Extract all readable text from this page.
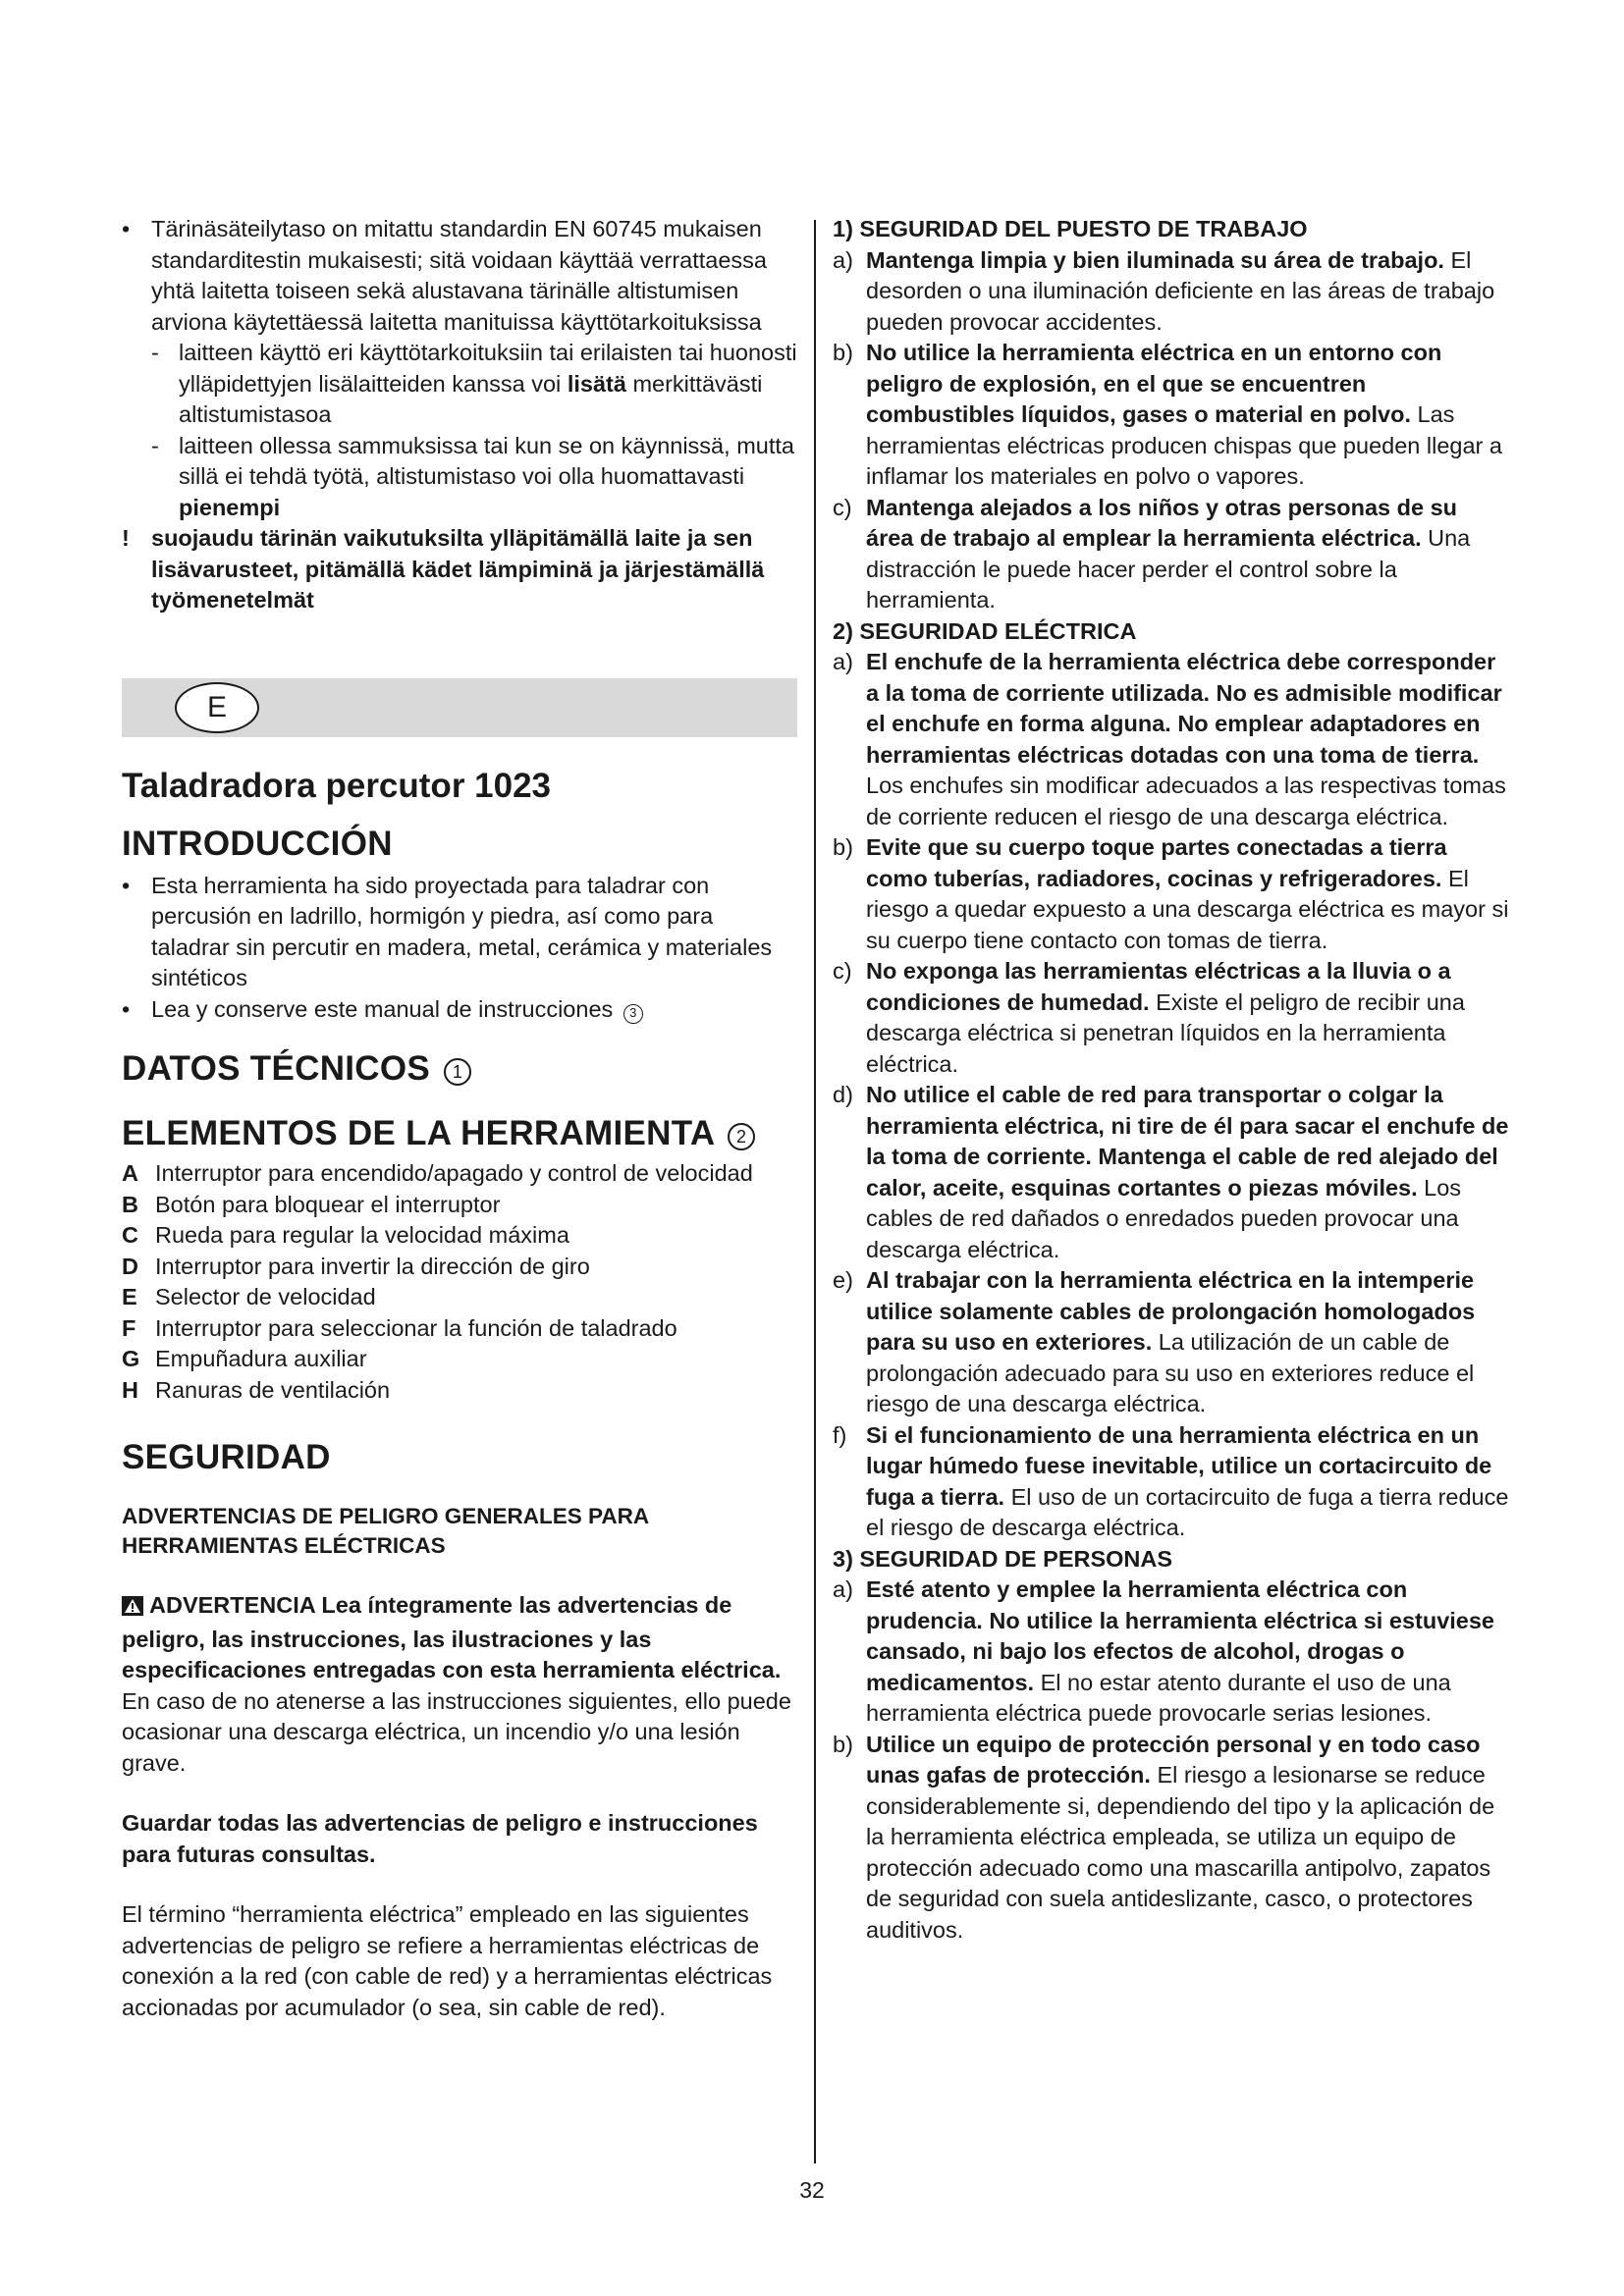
• Tärinäsäteilytaso on mitattu standardin EN 60745 mukaisen standarditestin mukaisesti; sitä voidaan käyttää verrattaessa yhtä laitetta toiseen sekä alustavana tärinälle altistumisen arviona käytettäessä laitetta manituissa käyttötarkoituksissa
- laitteen käyttö eri käyttötarkoituksiin tai erilaisten tai huonosti ylläpidettyjen lisälaitteiden kanssa voi lisätä merkittävästi altistumistasoa
- laitteen ollessa sammuksissa tai kun se on käynnissä, mutta sillä ei tehdä työtä, altistumistaso voi olla huomattavasti pienempi
! suojaudu tärinän vaikutuksilta ylläpitämällä laite ja sen lisävarusteet, pitämällä kädet lämpiminä ja järjestämällä työmenetelmät
E
Taladradora percutor 1023
INTRODUCCIÓN
• Esta herramienta ha sido proyectada para taladrar con percusión en ladrillo, hormigón y piedra, así como para taladrar sin percutir en madera, metal, cerámica y materiales sintéticos
• Lea y conserve este manual de instrucciones 3
DATOS TÉCNICOS 1
ELEMENTOS DE LA HERRAMIENTA 2
A Interruptor para encendido/apagado y control de velocidad
B Botón para bloquear el interruptor
C Rueda para regular la velocidad máxima
D Interruptor para invertir la dirección de giro
E Selector de velocidad
F Interruptor para seleccionar la función de taladrado
G Empuñadura auxiliar
H Ranuras de ventilación
SEGURIDAD
ADVERTENCIAS DE PELIGRO GENERALES PARA HERRAMIENTAS ELÉCTRICAS

ADVERTENCIA Lea íntegramente las advertencias de peligro, las instrucciones, las ilustraciones y las especificaciones entregadas con esta herramienta eléctrica. En caso de no atenerse a las instrucciones siguientes, ello puede ocasionar una descarga eléctrica, un incendio y/o una lesión grave.

Guardar todas las advertencias de peligro e instrucciones para futuras consultas.

El término “herramienta eléctrica” empleado en las siguientes advertencias de peligro se refiere a herramientas eléctricas de conexión a la red (con cable de red) y a herramientas eléctricas accionadas por acumulador (o sea, sin cable de red).

1) SEGURIDAD DEL PUESTO DE TRABAJO
a) Mantenga limpia y bien iluminada su área de trabajo. El desorden o una iluminación deficiente en las áreas de trabajo pueden provocar accidentes.
b) No utilice la herramienta eléctrica en un entorno con peligro de explosión, en el que se encuentren combustibles líquidos, gases o material en polvo. Las herramientas eléctricas producen chispas que pueden llegar a inflamar los materiales en polvo o vapores.
c) Mantenga alejados a los niños y otras personas de su área de trabajo al emplear la herramienta eléctrica. Una distracción le puede hacer perder el control sobre la herramienta.
2) SEGURIDAD ELÉCTRICA
a) El enchufe de la herramienta eléctrica debe corresponder a la toma de corriente utilizada. No es admisible modificar el enchufe en forma alguna. No emplear adaptadores en herramientas eléctricas dotadas con una toma de tierra. Los enchufes sin modificar adecuados a las respectivas tomas de corriente reducen el riesgo de una descarga eléctrica.
b) Evite que su cuerpo toque partes conectadas a tierra como tuberías, radiadores, cocinas y refrigeradores. El riesgo a quedar expuesto a una descarga eléctrica es mayor si su cuerpo tiene contacto con tomas de tierra.
c) No exponga las herramientas eléctricas a la lluvia o a condiciones de humedad. Existe el peligro de recibir una descarga eléctrica si penetran líquidos en la herramienta eléctrica.
d) No utilice el cable de red para transportar o colgar la herramienta eléctrica, ni tire de él para sacar el enchufe de la toma de corriente. Mantenga el cable de red alejado del calor, aceite, esquinas cortantes o piezas móviles. Los cables de red dañados o enredados pueden provocar una descarga eléctrica.
e) Al trabajar con la herramienta eléctrica en la intemperie utilice solamente cables de prolongación homologados para su uso en exteriores. La utilización de un cable de prolongación adecuado para su uso en exteriores reduce el riesgo de una descarga eléctrica.
f) Si el funcionamiento de una herramienta eléctrica en un lugar húmedo fuese inevitable, utilice un cortacircuito de fuga a tierra. El uso de un cortacircuito de fuga a tierra reduce el riesgo de descarga eléctrica.
3) SEGURIDAD DE PERSONAS
a) Esté atento y emplee la herramienta eléctrica con prudencia. No utilice la herramienta eléctrica si estuviese cansado, ni bajo los efectos de alcohol, drogas o medicamentos. El no estar atento durante el uso de una herramienta eléctrica puede provocarle serias lesiones.
b) Utilice un equipo de protección personal y en todo caso unas gafas de protección. El riesgo a lesionarse se reduce considerablemente si, dependiendo del tipo y la aplicación de la herramienta eléctrica empleada, se utiliza un equipo de protección adecuado como una mascarilla antipolvo, zapatos de seguridad con suela antideslizante, casco, o protectores auditivos.
32
